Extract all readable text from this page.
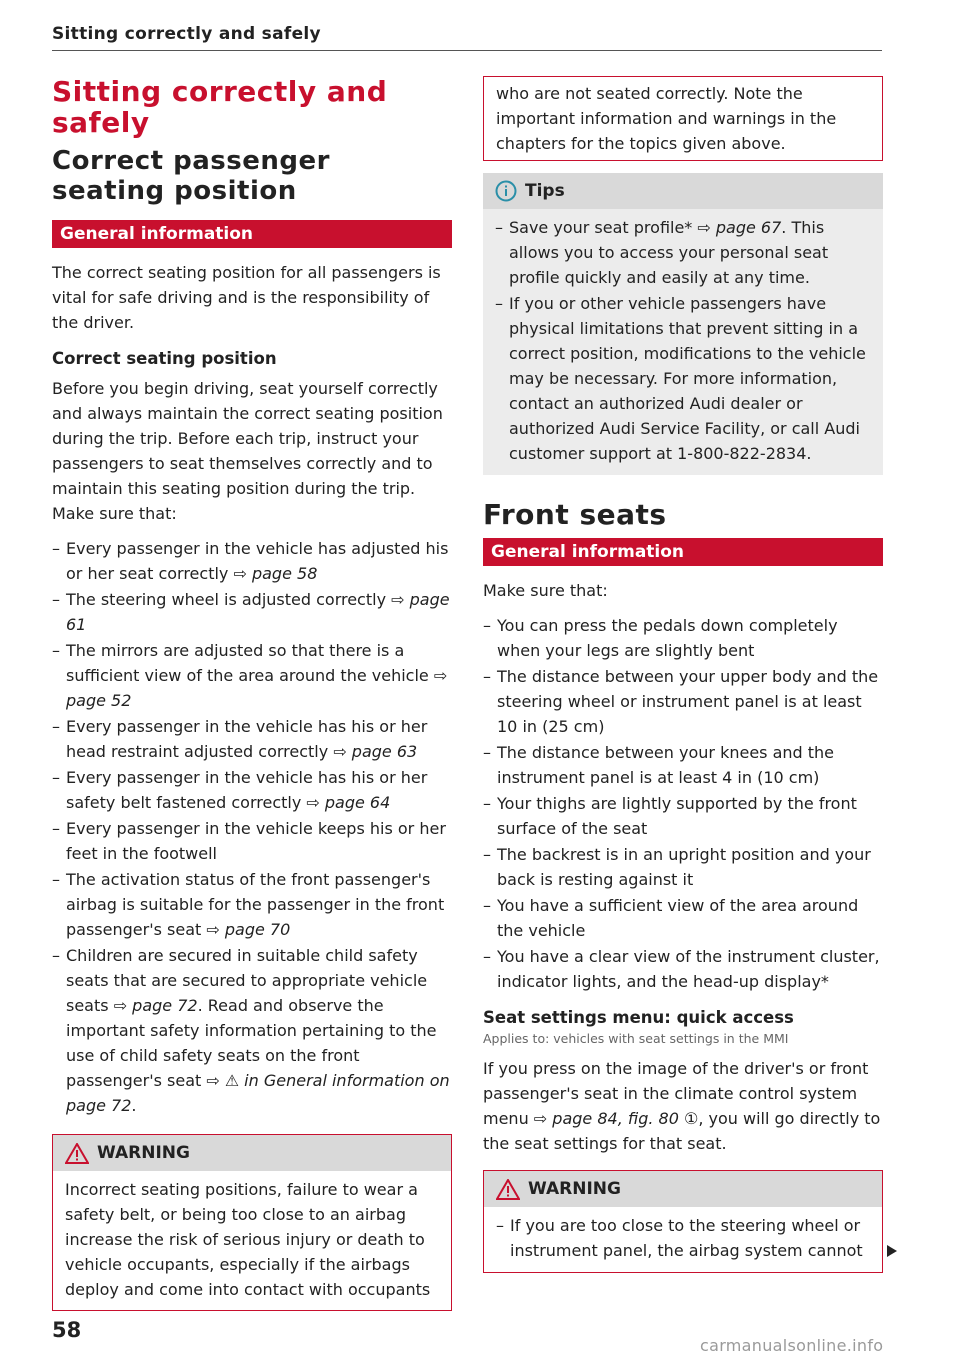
Sitting correctly and safely
Sitting correctly and safely
Correct passenger seating position
General information

The correct seating position for all passengers is vital for safe driving and is the responsibility of the driver.

Correct seating position

Before you begin driving, seat yourself correctly and always maintain the correct seating position during the trip. Before each trip, instruct your passengers to seat themselves correctly and to maintain this seating position during the trip. Make sure that:

– Every passenger in the vehicle has adjusted his or her seat correctly ⇨ page 58
– The steering wheel is adjusted correctly ⇨ page 61
– The mirrors are adjusted so that there is a sufficient view of the area around the vehicle ⇨ page 52
– Every passenger in the vehicle has his or her head restraint adjusted correctly ⇨ page 63
– Every passenger in the vehicle has his or her safety belt fastened correctly ⇨ page 64
– Every passenger in the vehicle keeps his or her feet in the footwell
– The activation status of the front passenger's airbag is suitable for the passenger in the front passenger's seat ⇨ page 70
– Children are secured in suitable child safety seats that are secured to appropriate vehicle seats ⇨ page 72. Read and observe the important safety information pertaining to the use of child safety seats on the front passenger's seat ⇨ ⚠ in General information on page 72.
WARNING

Incorrect seating positions, failure to wear a safety belt, or being too close to an airbag increase the risk of serious injury or death to vehicle occupants, especially if the airbags deploy and come into contact with occupants

who are not seated correctly. Note the important information and warnings in the chapters for the topics given above.

Tips
– Save your seat profile* ⇨ page 67. This allows you to access your personal seat profile quickly and easily at any time.
– If you or other vehicle passengers have physical limitations that prevent sitting in a correct position, modifications to the vehicle may be necessary. For more information, contact an authorized Audi dealer or authorized Audi Service Facility, or call Audi customer support at 1-800-822-2834.
Front seats
General information

Make sure that:

– You can press the pedals down completely when your legs are slightly bent
– The distance between your upper body and the steering wheel or instrument panel is at least 10 in (25 cm)
– The distance between your knees and the instrument panel is at least 4 in (10 cm)
– Your thighs are lightly supported by the front surface of the seat
– The backrest is in an upright position and your back is resting against it
– You have a sufficient view of the area around the vehicle
– You have a clear view of the instrument cluster, indicator lights, and the head-up display*
Seat settings menu: quick access
Applies to: vehicles with seat settings in the MMI

If you press on the image of the driver's or front passenger's seat in the climate control system menu ⇨ page 84, fig. 80 ①, you will go directly to the seat settings for that seat.

WARNING
– If you are too close to the steering wheel or instrument panel, the airbag system cannot
58
carmanualsonline.info
